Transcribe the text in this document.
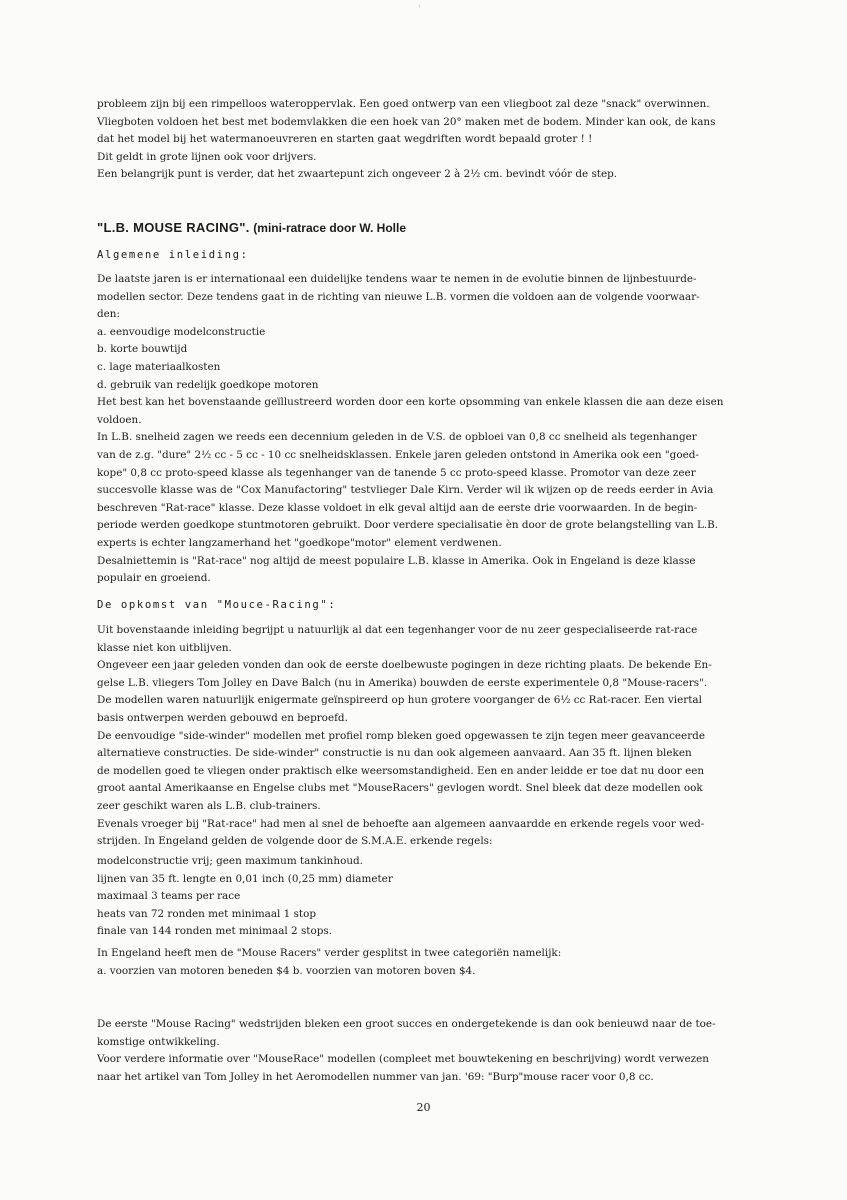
·

probleem zijn bij een rimpelloos wateroppervlak. Een goed ontwerp van een vliegboot zal deze "snack" overwinnen.

Vliegboten voldoen het best met bodemvlakken die een hoek van 20° maken met de bodem. Minder kan ook, de kans

dat het model bij het watermanoeuvreren en starten gaat wegdriften wordt bepaald groter ! !

Dit geldt in grote lijnen ook voor drijvers.

Een belangrijk punt is verder, dat het zwaartepunt zich ongeveer 2 à 2½ cm. bevindt vóór de step.

"L.B. MOUSE RACING". (mini-ratrace door W. Holle
Algemene inleiding:

De laatste jaren is er internationaal een duidelijke tendens waar te nemen in de evolutie binnen de lijnbestuurde-

modellen sector. Deze tendens gaat in de richting van nieuwe L.B. vormen die voldoen aan de volgende voorwaar-

den:

a. eenvoudige modelconstructie

b. korte bouwtijd

c. lage materiaalkosten

d. gebruik van redelijk goedkope motoren

Het best kan het bovenstaande geïllustreerd worden door een korte opsomming van enkele klassen die aan deze eisen

voldoen.

In L.B. snelheid zagen we reeds een decennium geleden in de V.S. de opbloei van 0,8 cc snelheid als tegenhanger

van de z.g. "dure" 2½ cc - 5 cc - 10 cc snelheidsklassen. Enkele jaren geleden ontstond in Amerika ook een "goed-

kope" 0,8 cc proto-speed klasse als tegenhanger van de tanende 5 cc proto-speed klasse. Promotor van deze zeer

succesvolle klasse was de "Cox Manufactoring" testvlieger Dale Kirn. Verder wil ik wijzen op de reeds eerder in Avia

beschreven "Rat-race" klasse. Deze klasse voldoet in elk geval altijd aan de eerste drie voorwaarden. In de begin-

periode werden goedkope stuntmotoren gebruikt. Door verdere specialisatie èn door de grote belangstelling van L.B.

experts is echter langzamerhand het "goedkope"motor" element verdwenen.

Desalniettemin is "Rat-race" nog altijd de meest populaire L.B. klasse in Amerika. Ook in Engeland is deze klasse

populair en groeiend.

De opkomst van "Mouce-Racing":

Uit bovenstaande inleiding begrijpt u natuurlijk al dat een tegenhanger voor de nu zeer gespecialiseerde rat-race

klasse niet kon uitblijven.

Ongeveer een jaar geleden vonden dan ook de eerste doelbewuste pogingen in deze richting plaats. De bekende En-

gelse L.B. vliegers Tom Jolley en Dave Balch (nu in Amerika) bouwden de eerste experimentele 0,8 "Mouse-racers".

De modellen waren natuurlijk enigermate geïnspireerd op hun grotere voorganger de 6½ cc Rat-racer. Een viertal

basis ontwerpen werden gebouwd en beproefd.

De eenvoudige "side-winder" modellen met profiel romp bleken goed opgewassen te zijn tegen meer geavanceerde

alternatieve constructies. De side-winder" constructie is nu dan ook algemeen aanvaard. Aan 35 ft. lijnen bleken

de modellen goed te vliegen onder praktisch elke weersomstandigheid. Een en ander leidde er toe dat nu door een

groot aantal Amerikaanse en Engelse clubs met "MouseRacers" gevlogen wordt. Snel bleek dat deze modellen ook

zeer geschikt waren als L.B. club-trainers.

Evenals vroeger bij "Rat-race" had men al snel de behoefte aan algemeen aanvaardde en erkende regels voor wed-

strijden. In Engeland gelden de volgende door de S.M.A.E. erkende regels:

modelconstructie vrij; geen maximum tankinhoud.

lijnen van 35 ft. lengte en 0,01 inch (0,25 mm) diameter

maximaal 3 teams per race

heats van 72 ronden met minimaal 1 stop

finale van 144 ronden met minimaal 2 stops.

In Engeland heeft men de "Mouse Racers" verder gesplitst in twee categoriën namelijk:

a. voorzien van motoren beneden $4 b. voorzien van motoren boven $4.

De eerste "Mouse Racing" wedstrijden bleken een groot succes en ondergetekende is dan ook benieuwd naar de toe-

komstige ontwikkeling.

Voor verdere informatie over "MouseRace" modellen (compleet met bouwtekening en beschrijving) wordt verwezen

naar het artikel van Tom Jolley in het Aeromodellen nummer van jan. '69: "Burp"mouse racer voor 0,8 cc.

20
